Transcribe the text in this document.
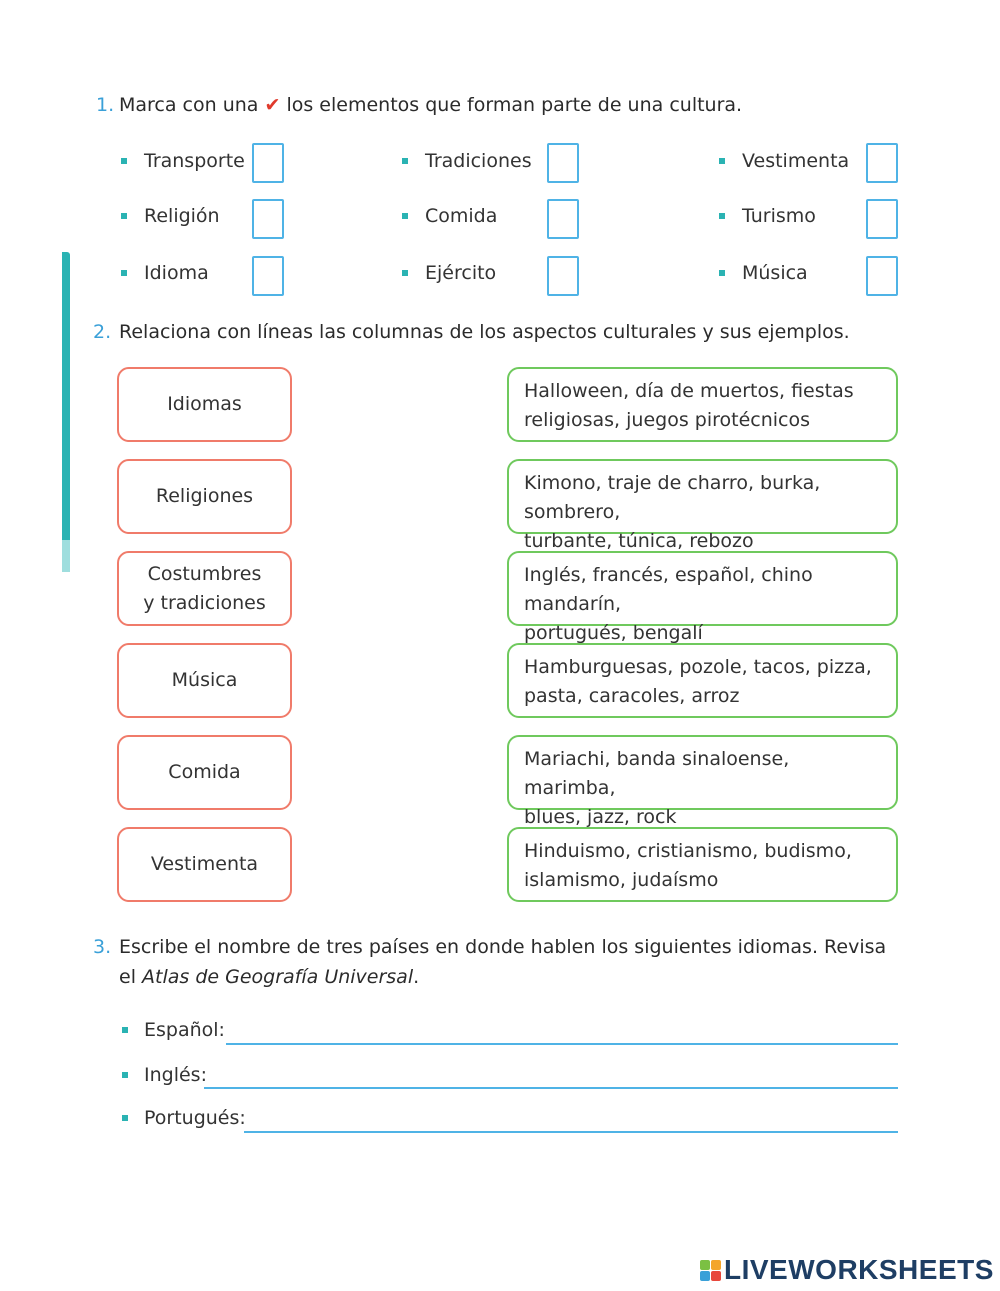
1. Marca con una ✔ los elementos que forman parte de una cultura.
Transporte	Tradiciones	Vestimenta
Religión	Comida	Turismo
Idioma	Ejército	Música
2. Relaciona con líneas las columnas de los aspectos culturales y sus ejemplos.
Idiomas
Religiones
Costumbres
y tradiciones
Música
Comida
Vestimenta
Halloween, día de muertos, fiestas
religiosas, juegos pirotécnicos
Kimono, traje de charro, burka, sombrero,
turbante, túnica, rebozo
Inglés, francés, español, chino mandarín,
portugués, bengalí
Hamburguesas, pozole, tacos, pizza,
pasta, caracoles, arroz
Mariachi, banda sinaloense, marimba,
blues, jazz, rock
Hinduismo, cristianismo, budismo,
islamismo, judaísmo
3. Escribe el nombre de tres países en donde hablen los siguientes idiomas. Revisa
el Atlas de Geografía Universal.
Español:
Inglés:
Portugués:
LIVEWORKSHEETS
